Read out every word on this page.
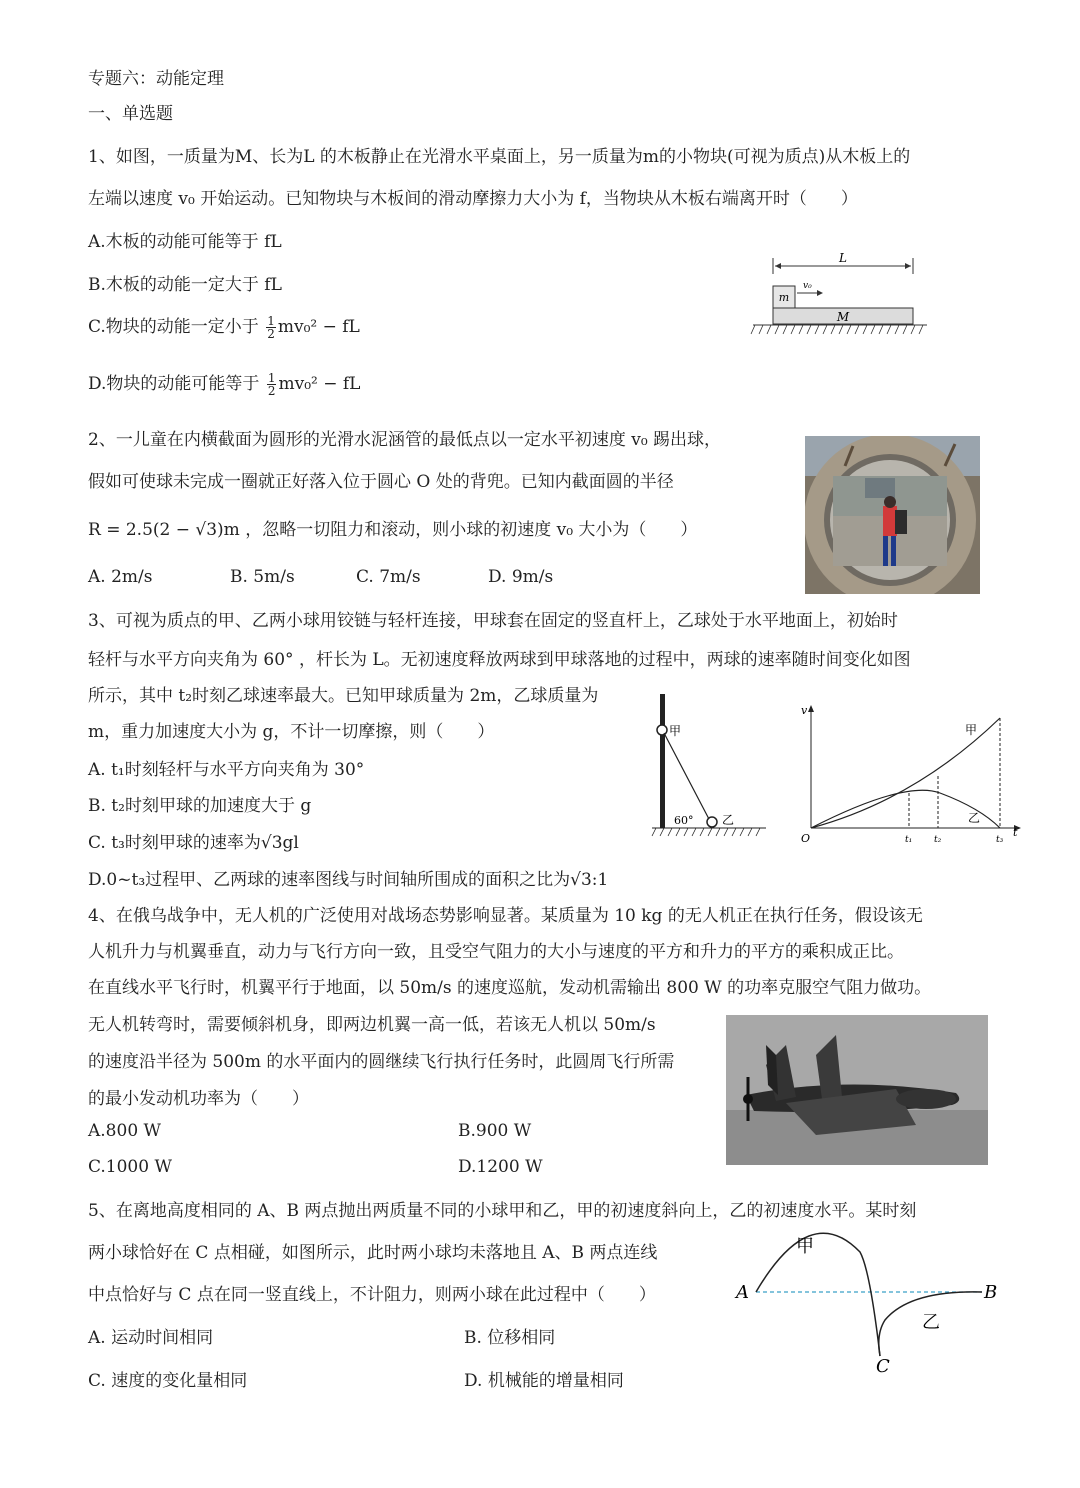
专题六：动能定理
一、单选题
1、如图，一质量为M、长为L 的木板静止在光滑水平桌面上，另一质量为m的小物块(可视为质点)从木板上的
左端以速度 v₀ 开始运动。已知物块与木板间的滑动摩擦力大小为 f，当物块从木板右端离开时（　　）
A.木板的动能可能等于 fL
B.木板的动能一定大于 fL
C.物块的动能一定小于 $\frac{1}{2} mv_0^2$ − fL
D.物块的动能可能等于 $\frac{1}{2} mv_0^2$ − fL
L
m
v₀
M
2、一儿童在内横截面为圆形的光滑水泥涵管的最低点以一定水平初速度 v₀ 踢出球，
假如可使球未完成一圈就正好落入位于圆心 O 处的背兜。已知内截面圆的半径
R = 2.5(2 − √3)m ，忽略一切阻力和滚动，则小球的初速度 v₀ 大小为（　　）
A. 2m/s	B. 5m/s	C. 7m/s	D. 9m/s
3、可视为质点的甲、乙两小球用铰链与轻杆连接，甲球套在固定的竖直杆上，乙球处于水平地面上，初始时
轻杆与水平方向夹角为 60° ，杆长为 L。无初速度释放两球到甲球落地的过程中，两球的速率随时间变化如图
所示，其中 t₂时刻乙球速率最大。已知甲球质量为 2m，乙球质量为
m，重力加速度大小为 g，不计一切摩擦，则（　　）
A. t₁时刻轻杆与水平方向夹角为 30°
B. t₂时刻甲球的加速度大于 g
C. t₃时刻甲球的速率为√3gl
D.0~t₃过程甲、乙两球的速率图线与时间轴所围成的面积之比为√3:1
甲
乙
60°
v
t
O
甲
乙
t₁ t₂	t₃
4、在俄乌战争中，无人机的广泛使用对战场态势影响显著。某质量为 10 kg 的无人机正在执行任务，假设该无
人机升力与机翼垂直，动力与飞行方向一致，且受空气阻力的大小与速度的平方和升力的平方的乘积成正比。
在直线水平飞行时，机翼平行于地面，以 50m/s 的速度巡航，发动机需输出 800 W 的功率克服空气阻力做功。
无人机转弯时，需要倾斜机身，即两边机翼一高一低，若该无人机以 50m/s
的速度沿半径为 500m 的水平面内的圆继续飞行执行任务时，此圆周飞行所需
的最小发动机功率为（　　）
A.800 W	B.900 W
C.1000 W	D.1200 W
5、在离地高度相同的 A、B 两点抛出两质量不同的小球甲和乙，甲的初速度斜向上，乙的初速度水平。某时刻
两小球恰好在 C 点相碰，如图所示，此时两小球均未落地且 A、B 两点连线
中点恰好与 C 点在同一竖直线上，不计阻力，则两小球在此过程中（　　）
A. 运动时间相同	B. 位移相同
C. 速度的变化量相同	D. 机械能的增量相同
A	B
C
甲
乙
